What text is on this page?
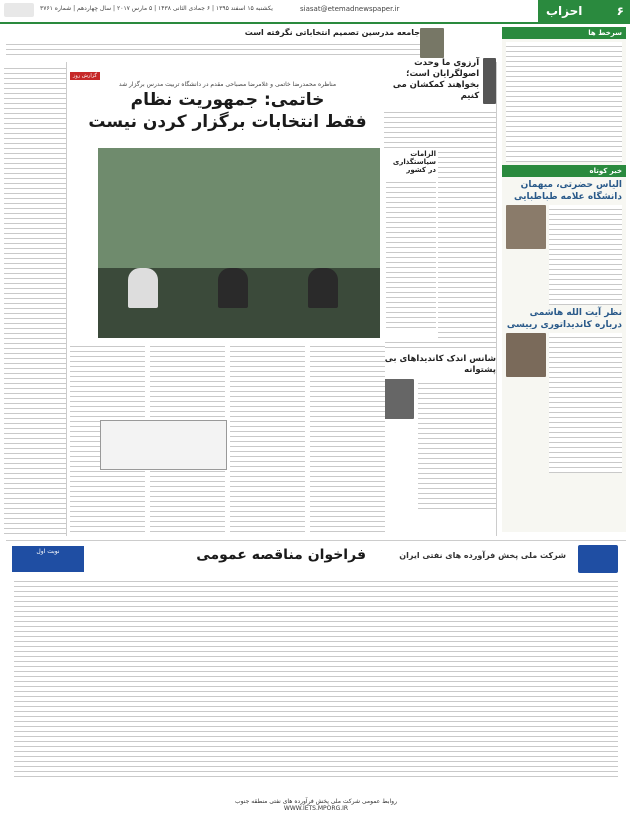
یکشنبه ۱۵ اسفند ۱۳۹۵ | ۶ جمادی الثانی ۱۴۳۸ | ۵ مارس ۲۰۱۷ | سال چهاردهم | شماره ۳۷۶۱	siasat@etemadnewspaper.ir	۶
احزاب
جامعه مدرسین تصمیم انتخاباتی نگرفته است	سرخط ها
خبر کوتاه
الیاس حضرتی، میهمان دانشگاه علامه طباطبایی
نظر آیت الله هاشمی درباره کاندیداتوری رییسی
آرزوی ما وحدت اصولگرایان است؛ بخواهند کمکشان می کنیم
شانس اندک کاندیداهای بی پشتوانه
گزارش روز
مناظره محمدرضا خاتمی و غلامرضا مصباحی مقدم در دانشگاه تربیت مدرس برگزار شد
خاتمی: جمهوریت نظام
فقط انتخابات برگزار کردن نیست
الزامات سیاستگذاری در کشور
شرکت ملی پخش فرآورده های نفتی ایران
فراخوان مناقصه عمومی
نوبت اول
روابط عمومی شرکت ملی پخش فرآورده های نفتی منطقه جنوب
WWW.IETS.MPORG.IR
